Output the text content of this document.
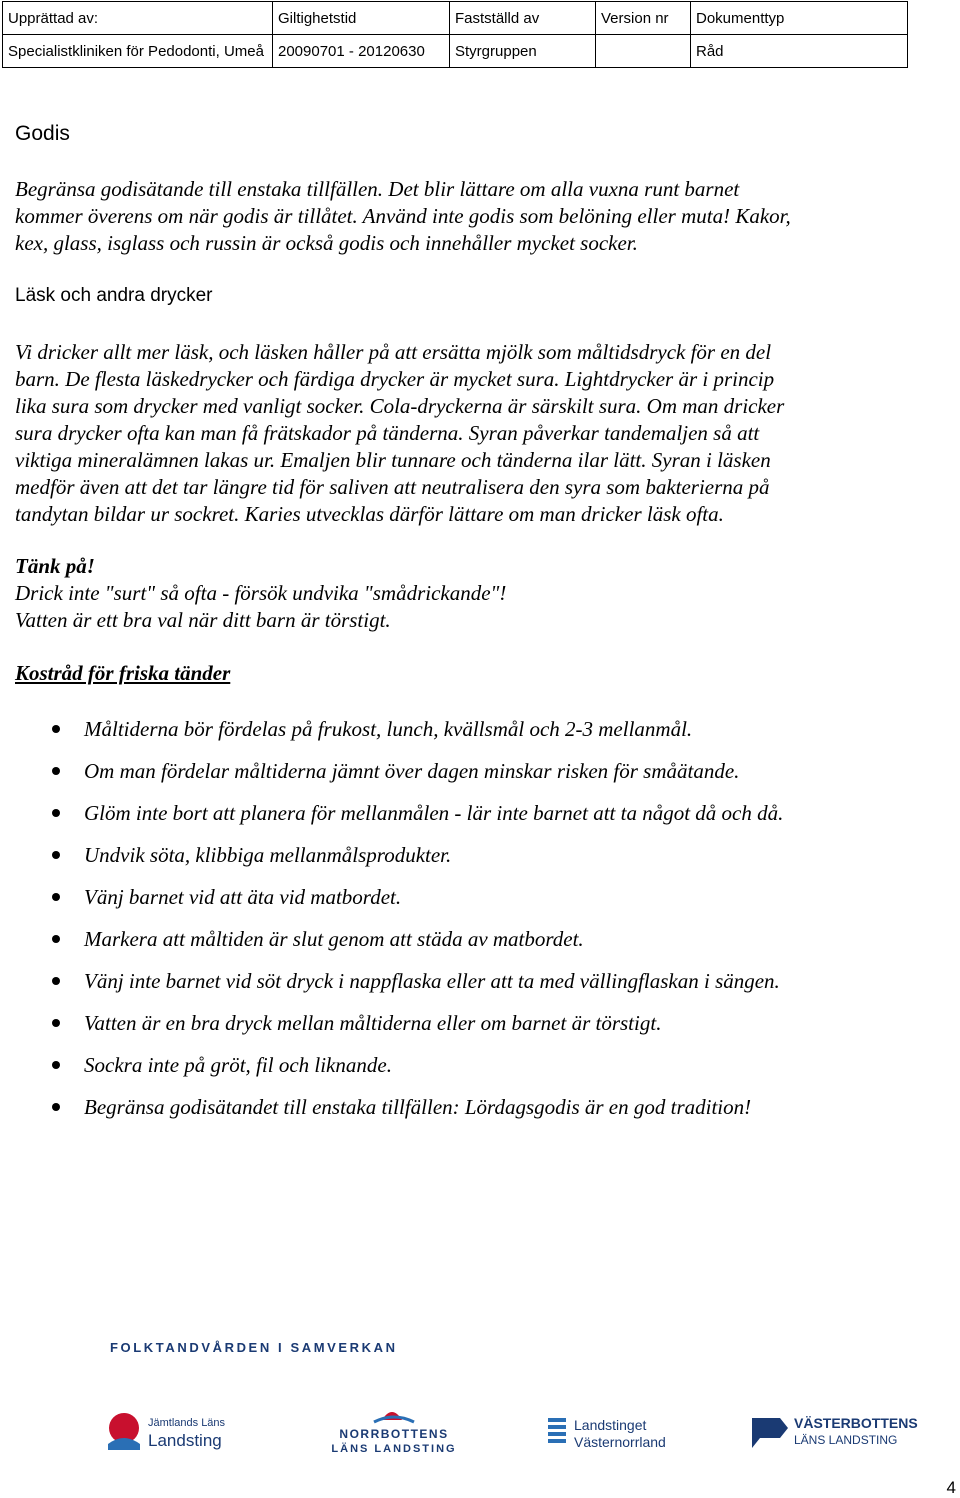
Upprättad av:	Giltighetstid	Fastställd av	Version nr	Dokumenttyp
Specialistkliniken för Pedodonti, Umeå	20090701 - 20120630	Styrgruppen		Råd
Godis
Begränsa godisätande till enstaka tillfällen. Det blir lättare om alla vuxna runt barnet
kommer överens om när godis är tillåtet. Använd inte godis som belöning eller muta! Kakor,
kex, glass, isglass och russin är också godis och innehåller mycket socker.
Läsk och andra drycker
Vi dricker allt mer läsk, och läsken håller på att ersätta mjölk som måltidsdryck för en del
barn. De flesta läskedrycker och färdiga drycker är mycket sura. Lightdrycker är i princip
lika sura som drycker med vanligt socker. Cola-dryckerna är särskilt sura. Om man dricker
sura drycker ofta kan man få frätskador på tänderna. Syran påverkar tandemaljen så att
viktiga mineralämnen lakas ur. Emaljen blir tunnare och tänderna ilar lätt. Syran i läsken
medför även att det tar längre tid för saliven att neutralisera den syra som bakterierna på
tandytan bildar ur sockret. Karies utvecklas därför lättare om man dricker läsk ofta.
Tänk på!
Drick inte "surt" så ofta - försök undvika "smådrickande"!
Vatten är ett bra val när ditt barn är törstigt.
Kostråd för friska tänder
Måltiderna bör fördelas på frukost, lunch, kvällsmål och 2-3 mellanmål.
Om man fördelar måltiderna jämnt över dagen minskar risken för småätande.
Glöm inte bort att planera för mellanmålen - lär inte barnet att ta något då och då.
Undvik söta, klibbiga mellanmålsprodukter.
Vänj barnet vid att äta vid matbordet.
Markera att måltiden är slut genom att städa av matbordet.
Vänj inte barnet vid söt dryck i nappflaska eller att ta med vällingflaskan i sängen.
Vatten är en bra dryck mellan måltiderna eller om barnet är törstigt.
Sockra inte på gröt, fil och liknande.
Begränsa godisätandet till enstaka tillfällen: Lördagsgodis är en god tradition!
FOLKTANDVÅRDEN I SAMVERKAN
Jämtlands Läns
Landsting	NORRBOTTENS
LÄNS LANDSTING
Landstinget
Västernorrland
VÄSTERBOTTENS
LÄNS LANDSTING
4
